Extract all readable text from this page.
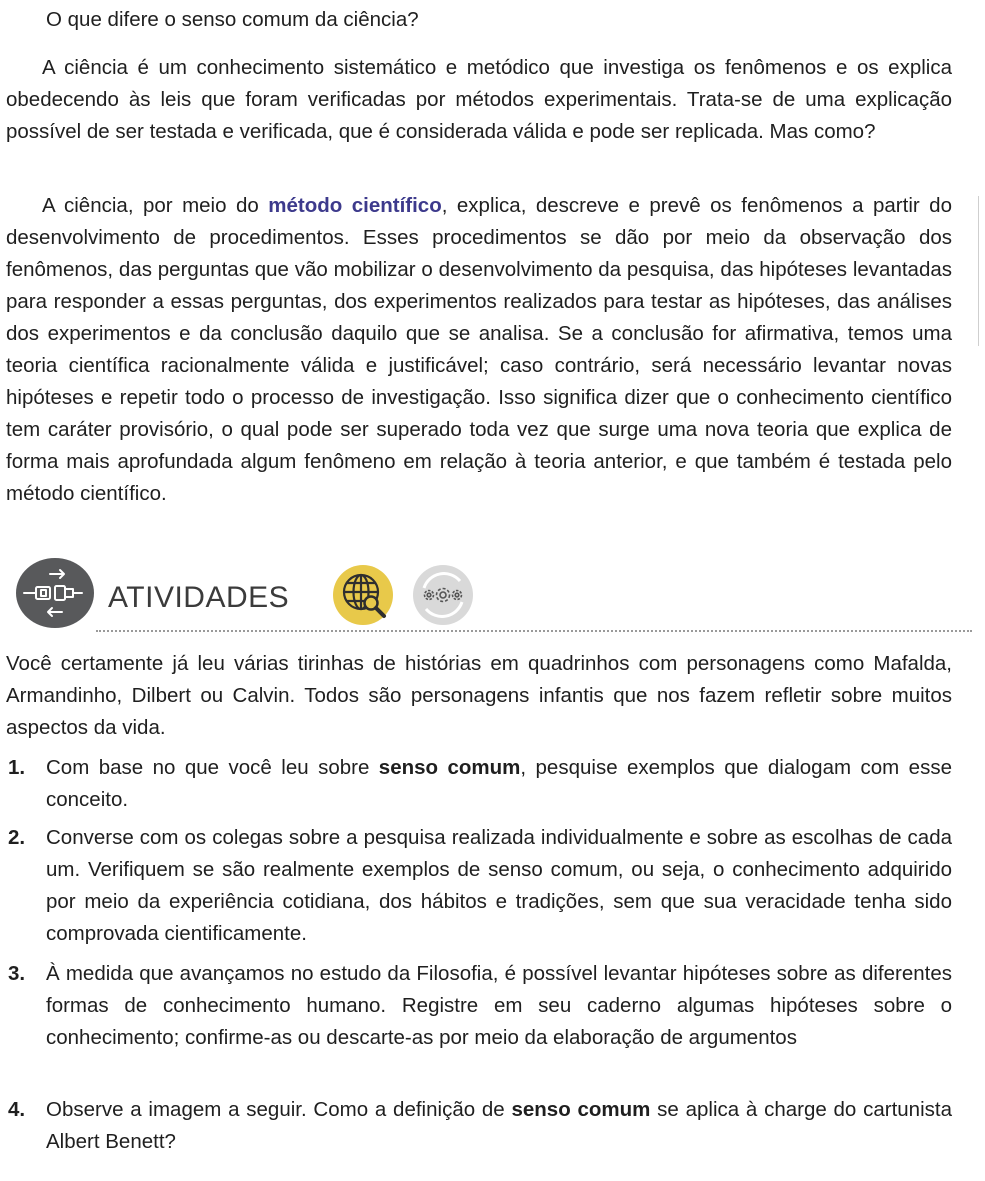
O que difere o senso comum da ciência?

A ciência é um conhecimento sistemático e metódico que investiga os fenômenos e os explica obedecendo às leis que foram verificadas por métodos experimentais. Trata-se de uma explicação possível de ser testada e verificada, que é considerada válida e pode ser replicada. Mas como?

A ciência, por meio do método científico, explica, descreve e prevê os fenômenos a partir do desenvolvimento de procedimentos. Esses procedimentos se dão por meio da observação dos fenômenos, das perguntas que vão mobilizar o desenvolvimento da pesquisa, das hipóteses levantadas para responder a essas perguntas, dos experimentos realizados para testar as hipóteses, das análises dos experimentos e da conclusão daquilo que se analisa. Se a conclusão for afirmativa, temos uma teoria científica racionalmente válida e justificável; caso contrário, será necessário levantar novas hipóteses e repetir todo o processo de investigação. Isso significa dizer que o conhecimento científico tem caráter provisório, o qual pode ser superado toda vez que surge uma nova teoria que explica de forma mais aprofundada algum fenômeno em relação à teoria anterior, e que também é testada pelo método científico.

ATIVIDADES

Você certamente já leu várias tirinhas de histórias em quadrinhos com personagens como Mafalda, Armandinho, Dilbert ou Calvin. Todos são personagens infantis que nos fazem refletir sobre muitos aspectos da vida.

1. Com base no que você leu sobre senso comum, pesquise exemplos que dialogam com esse conceito.
2. Converse com os colegas sobre a pesquisa realizada individualmente e sobre as escolhas de cada um. Verifiquem se são realmente exemplos de senso comum, ou seja, o conhecimento adquirido por meio da experiência cotidiana, dos hábitos e tradições, sem que sua veracidade tenha sido comprovada cientificamente.
3. À medida que avançamos no estudo da Filosofia, é possível levantar hipóteses sobre as diferentes formas de conhecimento humano. Registre em seu caderno algumas hipóteses sobre o conhecimento; confirme-as ou descarte-as por meio da elaboração de argumentos
4. Observe a imagem a seguir. Como a definição de senso comum se aplica à charge do cartunista Albert Benett?
